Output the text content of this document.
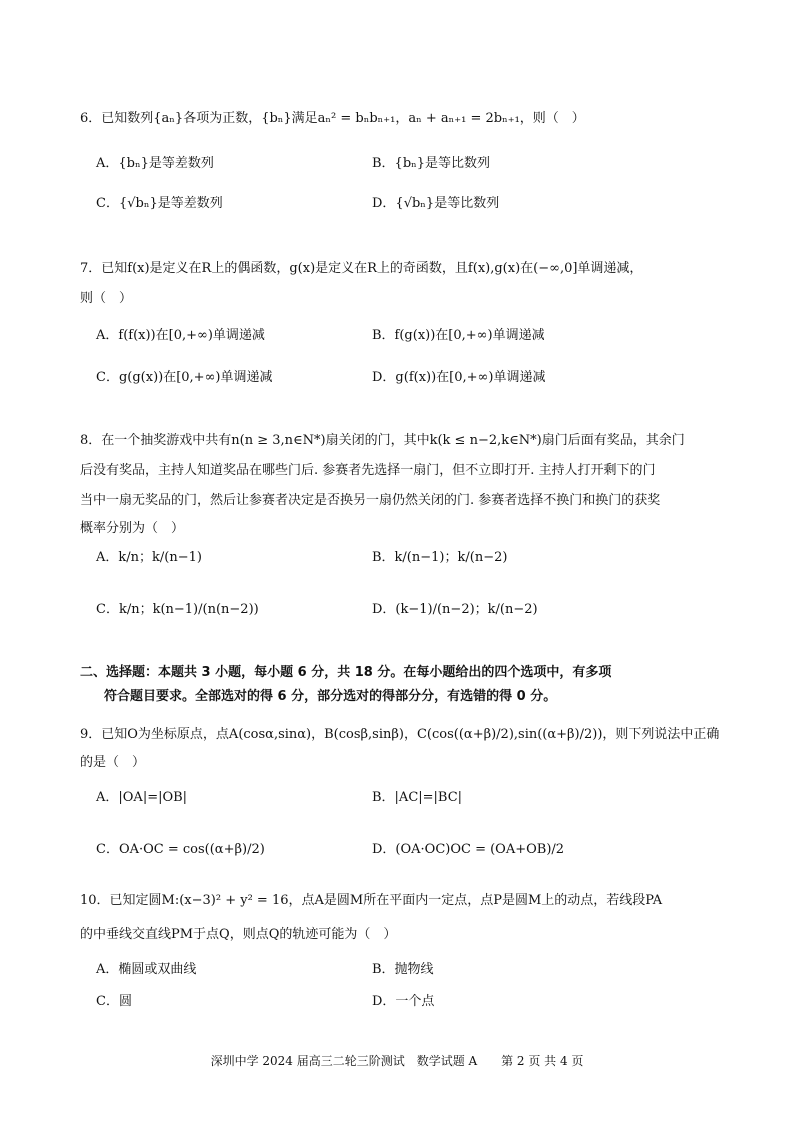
6．已知数列{aₙ}各项为正数，{bₙ}满足aₙ² = bₙbₙ₊₁，aₙ + aₙ₊₁ = 2bₙ₊₁，则（　）
A．{bₙ}是等差数列	B．{bₙ}是等比数列
C．{√bₙ}是等差数列	D．{√bₙ}是等比数列
7．已知f(x)是定义在R上的偶函数，g(x)是定义在R上的奇函数，且f(x),g(x)在(−∞,0]单调递减，
则（　）
A．f(f(x))在[0,+∞)单调递减	B．f(g(x))在[0,+∞)单调递减
C．g(g(x))在[0,+∞)单调递减	D．g(f(x))在[0,+∞)单调递减
8．在一个抽奖游戏中共有n(n ≥ 3,n∈N*)扇关闭的门，其中k(k ≤ n−2,k∈N*)扇门后面有奖品，其余门
后没有奖品，主持人知道奖品在哪些门后. 参赛者先选择一扇门，但不立即打开. 主持人打开剩下的门
当中一扇无奖品的门，然后让参赛者决定是否换另一扇仍然关闭的门. 参赛者选择不换门和换门的获奖
概率分别为（　）
A．k/n；k/(n−1)	B．k/(n−1)；k/(n−2)
C．k/n；k(n−1)/(n(n−2))	D．(k−1)/(n−2)；k/(n−2)
二、选择题：本题共 3 小题，每小题 6 分，共 18 分。在每小题给出的四个选项中，有多项
符合题目要求。全部选对的得 6 分，部分选对的得部分分，有选错的得 0 分。
9．已知O为坐标原点，点A(cosα,sinα)，B(cosβ,sinβ)，C(cos((α+β)/2),sin((α+β)/2))，则下列说法中正确
的是（　）
A．|OA|=|OB|	B．|AC|=|BC|
C．OA·OC = cos((α+β)/2)	D．(OA·OC)OC = (OA+OB)/2
10．已知定圆M:(x−3)² + y² = 16，点A是圆M所在平面内一定点，点P是圆M上的动点，若线段PA
的中垂线交直线PM于点Q，则点Q的轨迹可能为（　）
A．椭圆或双曲线	B．抛物线
C．圆	D．一个点
深圳中学 2024 届高三二轮三阶测试　数学试题 A 第 2 页 共 4 页
